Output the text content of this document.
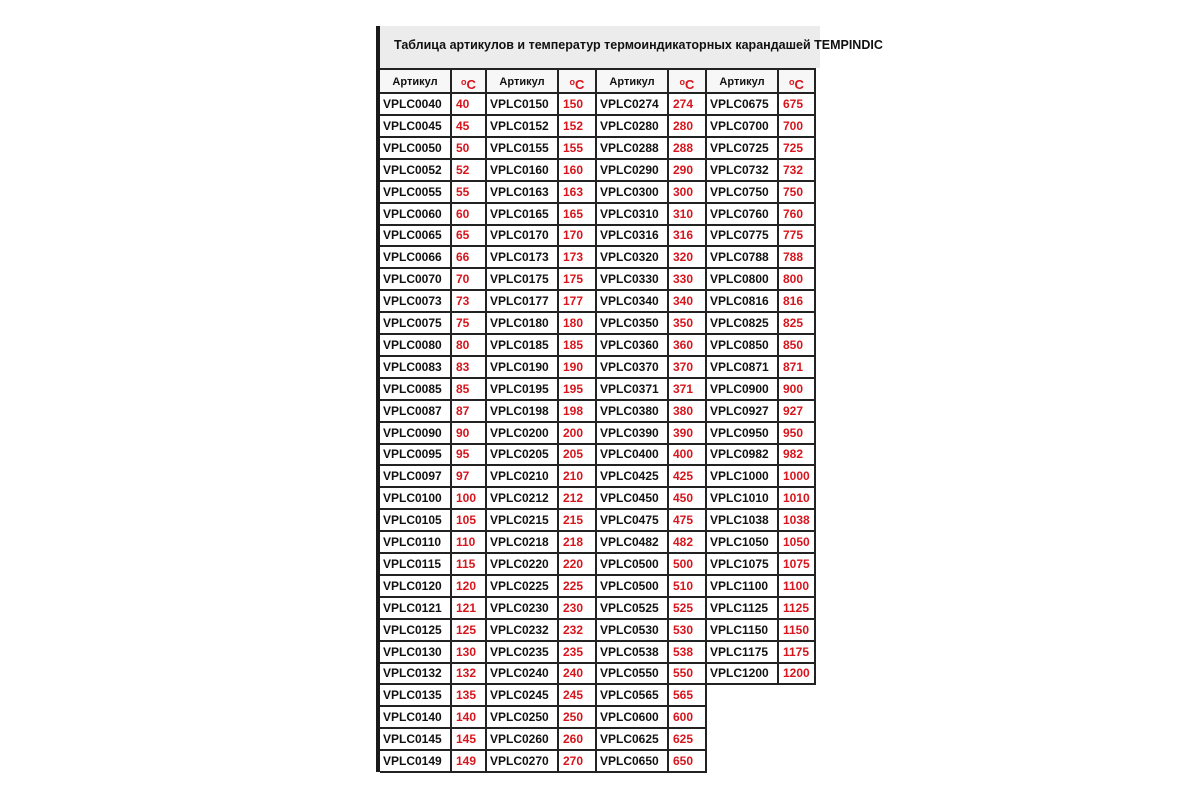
Таблица артикулов и температур термоиндикаторных карандашей TEMPINDIC
Артикул	$^o$C
VPLC0040	40
VPLC0045	45
VPLC0050	50
VPLC0052	52
VPLC0055	55
VPLC0060	60
VPLC0065	65
VPLC0066	66
VPLC0070	70
VPLC0073	73
VPLC0075	75
VPLC0080	80
VPLC0083	83
VPLC0085	85
VPLC0087	87
VPLC0090	90
VPLC0095	95
VPLC0097	97
VPLC0100	100
VPLC0105	105
VPLC0110	110
VPLC0115	115
VPLC0120	120
VPLC0121	121
VPLC0125	125
VPLC0130	130
VPLC0132	132
VPLC0135	135
VPLC0140	140
VPLC0145	145
VPLC0149	149
Артикул	$^o$C
VPLC0150	150
VPLC0152	152
VPLC0155	155
VPLC0160	160
VPLC0163	163
VPLC0165	165
VPLC0170	170
VPLC0173	173
VPLC0175	175
VPLC0177	177
VPLC0180	180
VPLC0185	185
VPLC0190	190
VPLC0195	195
VPLC0198	198
VPLC0200	200
VPLC0205	205
VPLC0210	210
VPLC0212	212
VPLC0215	215
VPLC0218	218
VPLC0220	220
VPLC0225	225
VPLC0230	230
VPLC0232	232
VPLC0235	235
VPLC0240	240
VPLC0245	245
VPLC0250	250
VPLC0260	260
VPLC0270	270
Артикул	$^o$C
VPLC0274	274
VPLC0280	280
VPLC0288	288
VPLC0290	290
VPLC0300	300
VPLC0310	310
VPLC0316	316
VPLC0320	320
VPLC0330	330
VPLC0340	340
VPLC0350	350
VPLC0360	360
VPLC0370	370
VPLC0371	371
VPLC0380	380
VPLC0390	390
VPLC0400	400
VPLC0425	425
VPLC0450	450
VPLC0475	475
VPLC0482	482
VPLC0500	500
VPLC0500	510
VPLC0525	525
VPLC0530	530
VPLC0538	538
VPLC0550	550
VPLC0565	565
VPLC0600	600
VPLC0625	625
VPLC0650	650
Артикул	$^o$C
VPLC0675	675
VPLC0700	700
VPLC0725	725
VPLC0732	732
VPLC0750	750
VPLC0760	760
VPLC0775	775
VPLC0788	788
VPLC0800	800
VPLC0816	816
VPLC0825	825
VPLC0850	850
VPLC0871	871
VPLC0900	900
VPLC0927	927
VPLC0950	950
VPLC0982	982
VPLC1000	1000
VPLC1010	1010
VPLC1038	1038
VPLC1050	1050
VPLC1075	1075
VPLC1100	1100
VPLC1125	1125
VPLC1150	1150
VPLC1175	1175
VPLC1200	1200
